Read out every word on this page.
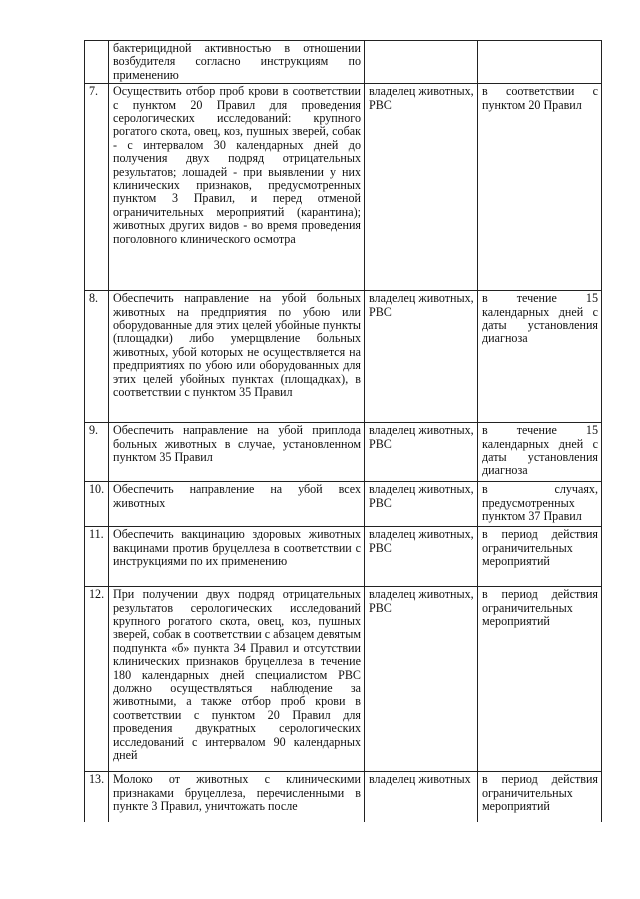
	бактерицидной активностью в отношении возбудителя согласно инструкциям по применению		
7.	Осуществить отбор проб крови в соответствии с пунктом 20 Правил для проведения серологических исследований: крупного рогатого скота, овец, коз, пушных зверей, собак - с интервалом 30 календарных дней до получения двух подряд отрицательных результатов; лошадей - при выявлении у них клинических признаков, предусмотренных пунктом 3 Правил, и перед отменой ограничительных мероприятий (карантина); животных других видов - во время проведения поголовного клинического осмотра	владелец животных, РВС	в соответствии с пунктом 20 Правил
8.	Обеспечить направление на убой больных животных на предприятия по убою или оборудованные для этих целей убойные пункты (площадки) либо умерщвление больных животных, убой которых не осуществляется на предприятиях по убою или оборудованных для этих целей убойных пунктах (площадках), в соответствии с пунктом 35 Правил	владелец животных, РВС	в течение 15 календарных дней с даты установления диагноза
9.	Обеспечить направление на убой приплода больных животных в случае, установленном пунктом 35 Правил	владелец животных, РВС	в течение 15 календарных дней с даты установления диагноза
10.	Обеспечить направление на убой всех животных	владелец животных, РВС	в случаях, предусмотренных пунктом 37 Правил
11.	Обеспечить вакцинацию здоровых животных вакцинами против бруцеллеза в соответствии с инструкциями по их применению	владелец животных, РВС	в период действия ограничительных мероприятий
12.	При получении двух подряд отрицательных результатов серологических исследований крупного рогатого скота, овец, коз, пушных зверей, собак в соответствии с абзацем девятым подпункта «б» пункта 34 Правил и отсутствии клинических признаков бруцеллеза в течение 180 календарных дней специалистом РВС должно осуществляться наблюдение за животными, а также отбор проб крови в соответствии с пунктом 20 Правил для проведения двукратных серологических исследований с интервалом 90 календарных дней	владелец животных, РВС	в период действия ограничительных мероприятий
13.	Молоко от животных с клиническими признаками бруцеллеза, перечисленными в пункте 3 Правил, уничтожать после	владелец животных	в период действия ограничительных мероприятий
